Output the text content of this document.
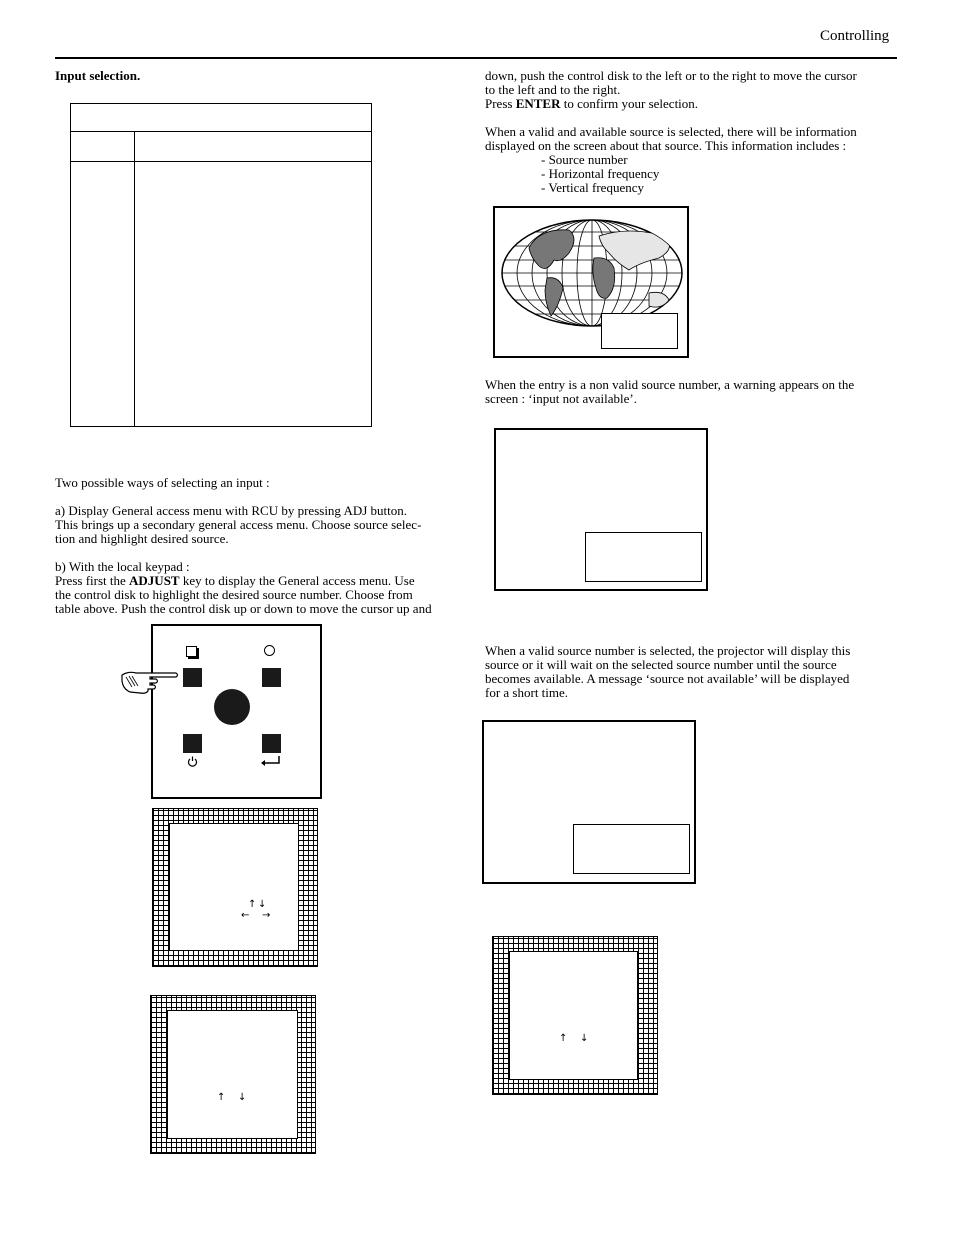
Controlling
Input selection.
Two possible ways of selecting an input :
a) Display General access menu with RCU by pressing ADJ button.
This brings up a secondary general access menu. Choose source selec-
tion and highlight desired source.
b) With the local keypad :
Press first the ADJUST key to display the General access menu. Use
the control disk to highlight the desired source number. Choose from
table above. Push the control disk up or down to move the cursor up and
↑ ↓
← →
↑ ↓
down, push the control disk to the left or to the right to move the cursor
to the left and to the right.
Press ENTER to confirm your selection.
When a valid and available source is selected, there will be information
displayed on the screen about that source. This information includes :
- Source number
- Horizontal frequency
- Vertical frequency
When the entry is a non valid source number, a warning appears on the
screen : ‘input not available’.
When a valid source number is selected, the projector will display this
source or it will wait on the selected source number until the source
becomes available. A message ‘source not available’ will be displayed
for a short time.
↑ ↓
